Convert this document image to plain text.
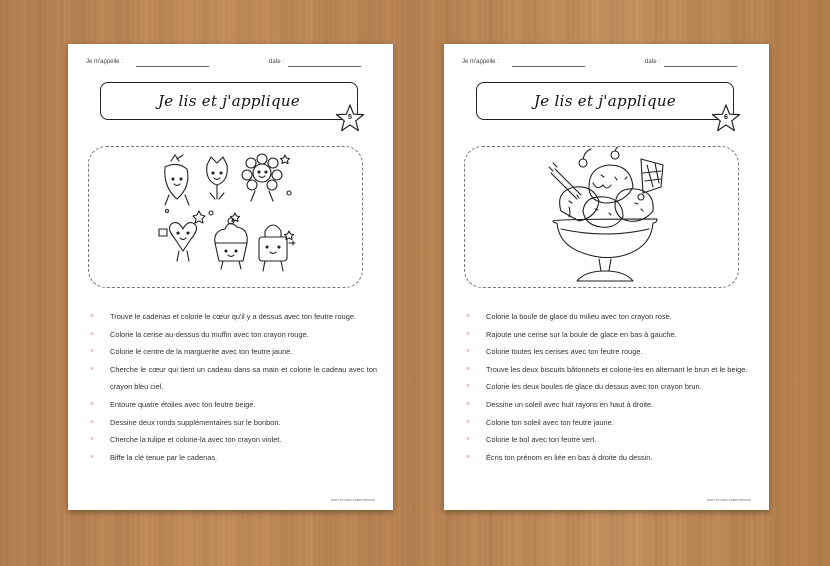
Je m'appelle :	date :
Je lis et j'applique
5
♥ Trouve le cadenas et colorie le cœur qu'il y a dessus avec ton feutre rouge.
♥ Colorie la cerise au-dessus du muffin avec ton crayon rouge.
♥ Colorie le centre de la marguerite avec ton feutre jaune.
♥ Cherche le cœur qui tient un cadeau dans sa main et colorie le cadeau avec ton crayon bleu ciel.
♥ Entoure quatre étoiles avec ton feutre beige.
♥ Dessine deux ronds supplémentaires sur le bonbon.
♥ Cherche la tulipe et colorie-la avec ton crayon violet.
♥ Biffe la clé tenue par le cadenas.
mon-et-mes-experimente
Je m'appelle :	date :
Je lis et j'applique
6
♥ Colorie la boule de glace du milieu avec ton crayon rose.
♥ Rajoute une cerise sur la boule de glace en bas à gauche.
♥ Colorie toutes les cerises avec ton feutre rouge.
♥ Trouve les deux biscuits bâtonnets et colorie-les en alternant le brun et le beige.
♥ Colorie les deux boules de glace du dessus avec ton crayon brun.
♥ Dessine un soleil avec huit rayons en haut à droite.
♥ Colorie ton soleil avec ton feutre jaune.
♥ Colorie le bol avec ton feutre vert.
♥ Écris ton prénom en liée en bas à droite du dessin.
mon-et-mes-experimente
